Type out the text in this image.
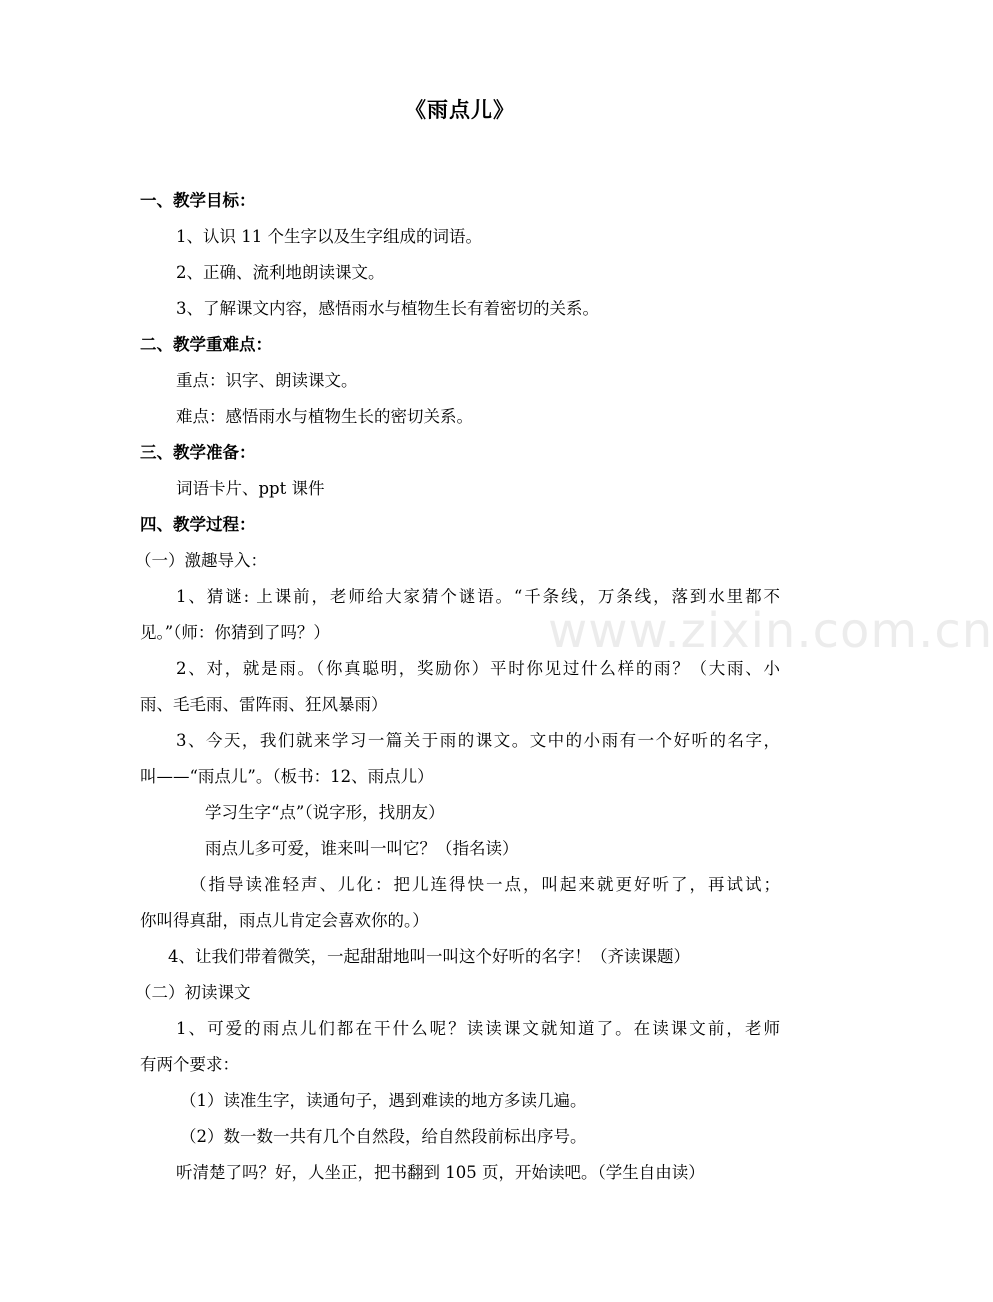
《雨点儿》
一、教学目标：
1、认识 11 个生字以及生字组成的词语。
2、正确、流利地朗读课文。
3、了解课文内容，感悟雨水与植物生长有着密切的关系。
二、教学重难点：
重点：识字、朗读课文。
难点：感悟雨水与植物生长的密切关系。
三、教学准备：
词语卡片、ppt 课件
四、教学过程：
（一）激趣导入：
1、猜谜: 上课前，老师给大家猜个谜语。“千条线，万条线，落到水里都不
见。”（师：你猜到了吗？）
2、对，就是雨。（你真聪明，奖励你）平时你见过什么样的雨？（大雨、小
雨、毛毛雨、雷阵雨、狂风暴雨）
3、今天，我们就来学习一篇关于雨的课文。文中的小雨有一个好听的名字，
叫——“雨点儿”。（板书：12、雨点儿）
学习生字“点”（说字形，找朋友）
雨点儿多可爱，谁来叫一叫它？（指名读）
（指导读准轻声、儿化：把儿连得快一点，叫起来就更好听了，再试试；
你叫得真甜，雨点儿肯定会喜欢你的。）
4、让我们带着微笑，一起甜甜地叫一叫这个好听的名字！（齐读课题）
（二）初读课文
1、可爱的雨点儿们都在干什么呢？读读课文就知道了。在读课文前，老师
有两个要求：
（1）读准生字，读通句子，遇到难读的地方多读几遍。
（2）数一数一共有几个自然段，给自然段前标出序号。
听清楚了吗？好，人坐正，把书翻到 105 页，开始读吧。（学生自由读）
www.zixin.com.cn
